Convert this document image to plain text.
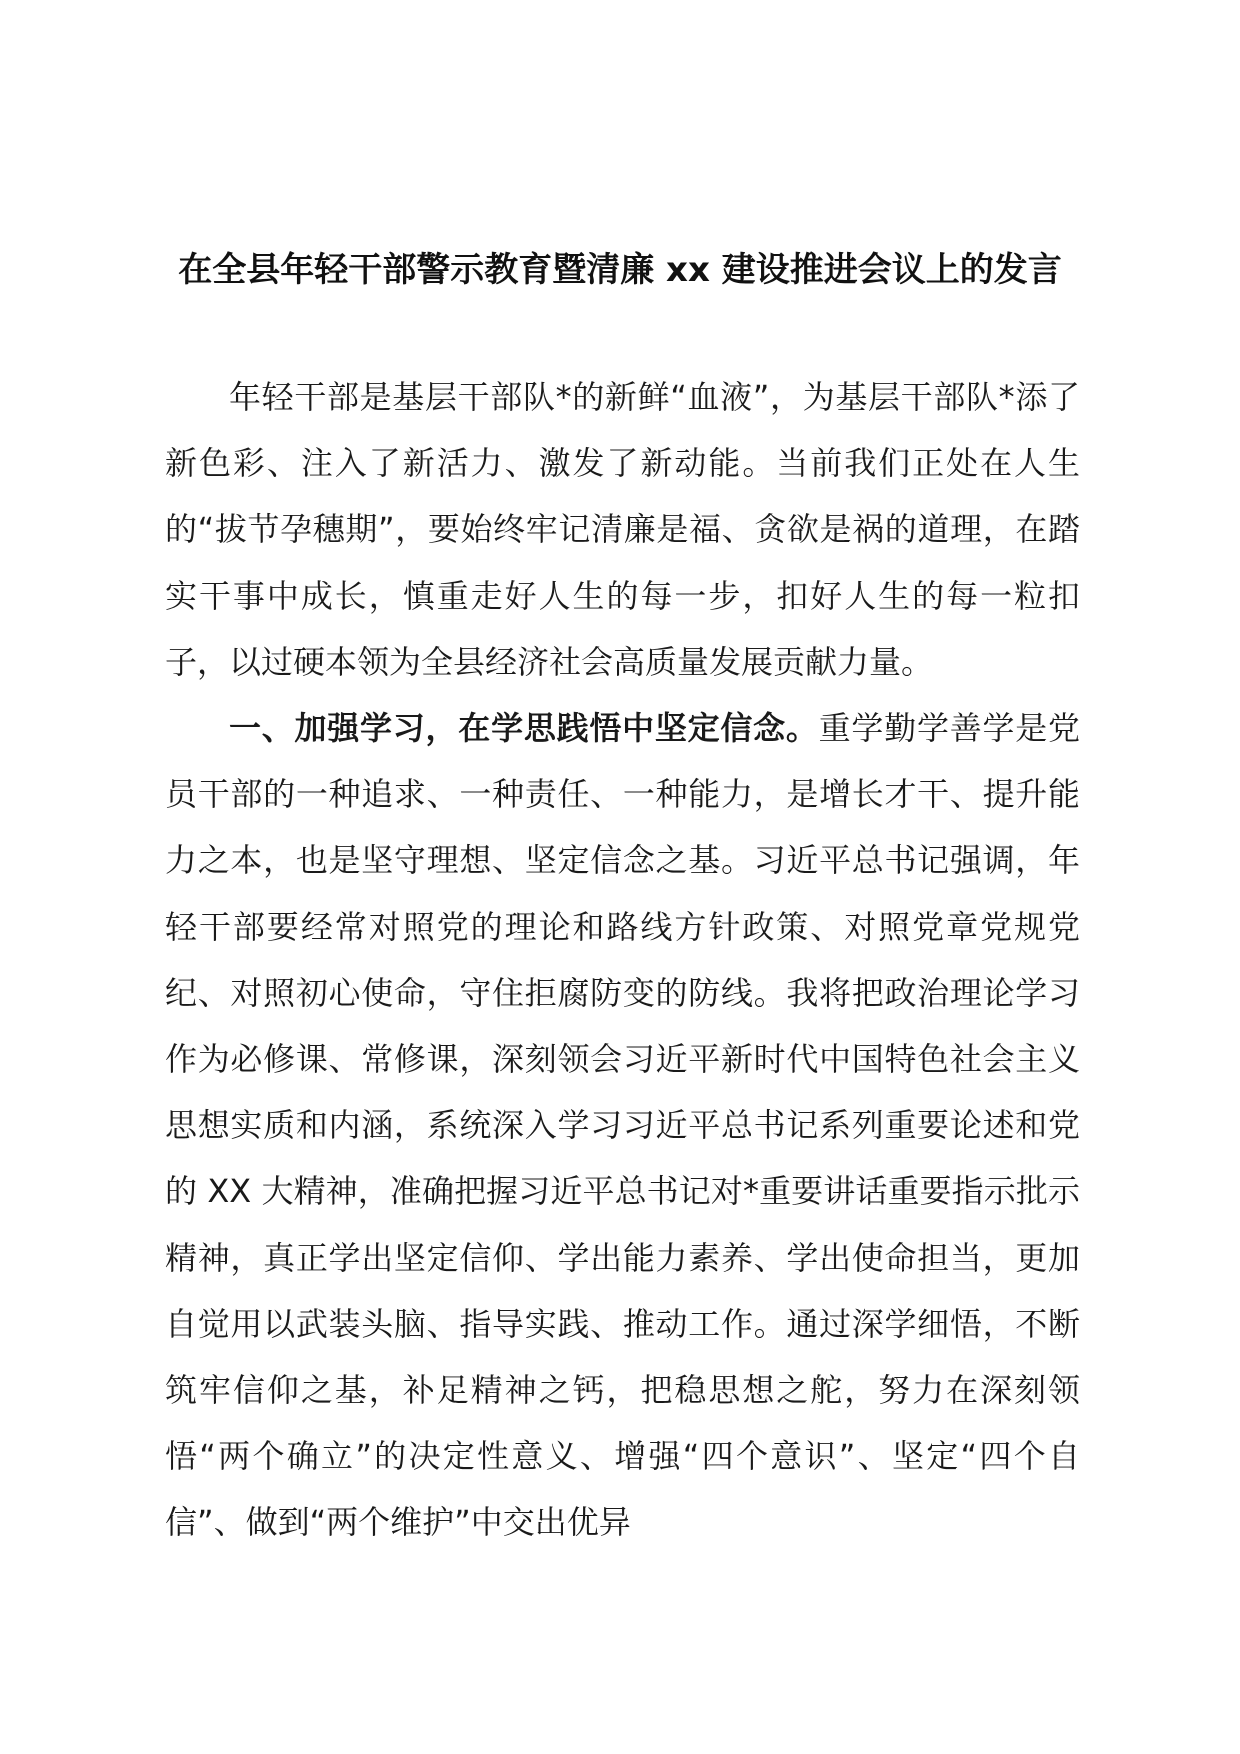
在全县年轻干部警示教育暨清廉 xx 建设推进会议上的发言

年轻干部是基层干部队*的新鲜“血液”，为基层干部队*添了新色彩、注入了新活力、激发了新动能。当前我们正处在人生的“拔节孕穗期”，要始终牢记清廉是福、贪欲是祸的道理，在踏实干事中成长，慎重走好人生的每一步，扣好人生的每一粒扣子，以过硬本领为全县经济社会高质量发展贡献力量。

一、加强学习，在学思践悟中坚定信念。重学勤学善学是党员干部的一种追求、一种责任、一种能力，是增长才干、提升能力之本，也是坚守理想、坚定信念之基。习近平总书记强调，年轻干部要经常对照党的理论和路线方针政策、对照党章党规党纪、对照初心使命，守住拒腐防变的防线。我将把政治理论学习作为必修课、常修课，深刻领会习近平新时代中国特色社会主义思想实质和内涵，系统深入学习习近平总书记系列重要论述和党的 XX 大精神，准确把握习近平总书记对*重要讲话重要指示批示精神，真正学出坚定信仰、学出能力素养、学出使命担当，更加自觉用以武装头脑、指导实践、推动工作。通过深学细悟，不断筑牢信仰之基，补足精神之钙，把稳思想之舵，努力在深刻领悟“两个确立”的决定性意义、增强“四个意识”、坚定“四个自信”、做到“两个维护”中交出优异
